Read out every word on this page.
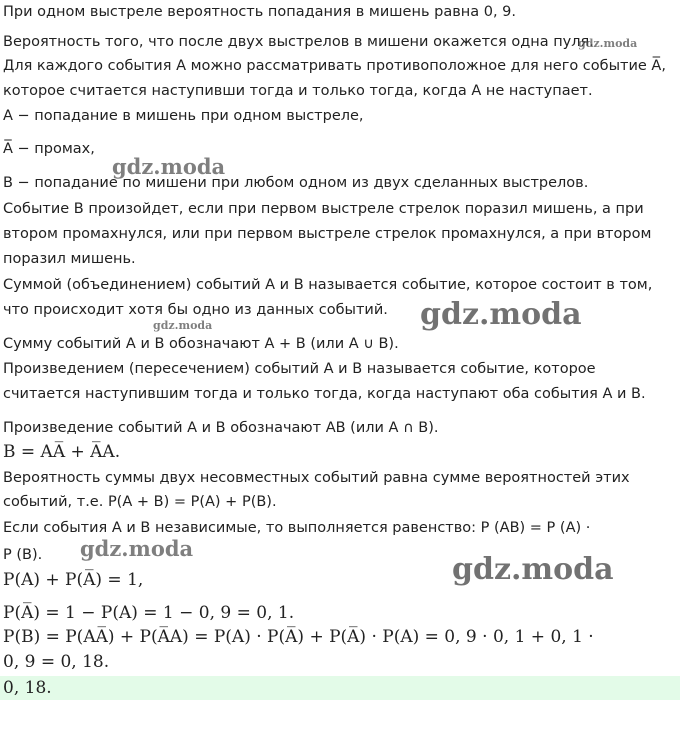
При одном выстреле вероятность попадания в мишень равна 0, 9.
Вероятность того, что после двух выстрелов в мишени окажется одна пуля.
Для каждого события A можно рассматривать противоположное для него событие A̅,
которое считается наступивши тогда и только тогда, когда A не наступает.
A − попадание в мишень при одном выстреле,
A̅ − промах,
B − попадание по мишени при любом одном из двух сделанных выстрелов.
Событие B произойдет, если при первом выстреле стрелок поразил мишень, а при
втором промахнулся, или при первом выстреле стрелок промахнулся, а при втором
поразил мишень.
Суммой (объединением) событий A и B называется событие, которое состоит в том,
что происходит хотя бы одно из данных событий.
Сумму событий A и B обозначают A + B (или A ∪ B).
Произведением (пересечением) событий A и B называется событие, которое
считается наступившим тогда и только тогда, когда наступают оба события A и B.
Произведение событий A и B обозначают AB (или A ∩ B).
B = AA̅ + A̅A.
Вероятность суммы двух несовместных событий равна сумме вероятностей этих
событий, т.е. P(A + B) = P(A) + P(B).
Если события A и B независимые, то выполняется равенство: P (AB) = P (A) ·
P (B).
P(A) + P(A̅) = 1,
P(A̅) = 1 − P(A) = 1 − 0, 9 = 0, 1.
P(B) = P(AA̅) + P(A̅A) = P(A) · P(A̅) + P(A̅) · P(A) = 0, 9 · 0, 1 + 0, 1 ·
0, 9 = 0, 18.
0, 18.
gdz.moda
gdz.moda
gdz.moda
gdz.moda
gdz.moda
gdz.moda
